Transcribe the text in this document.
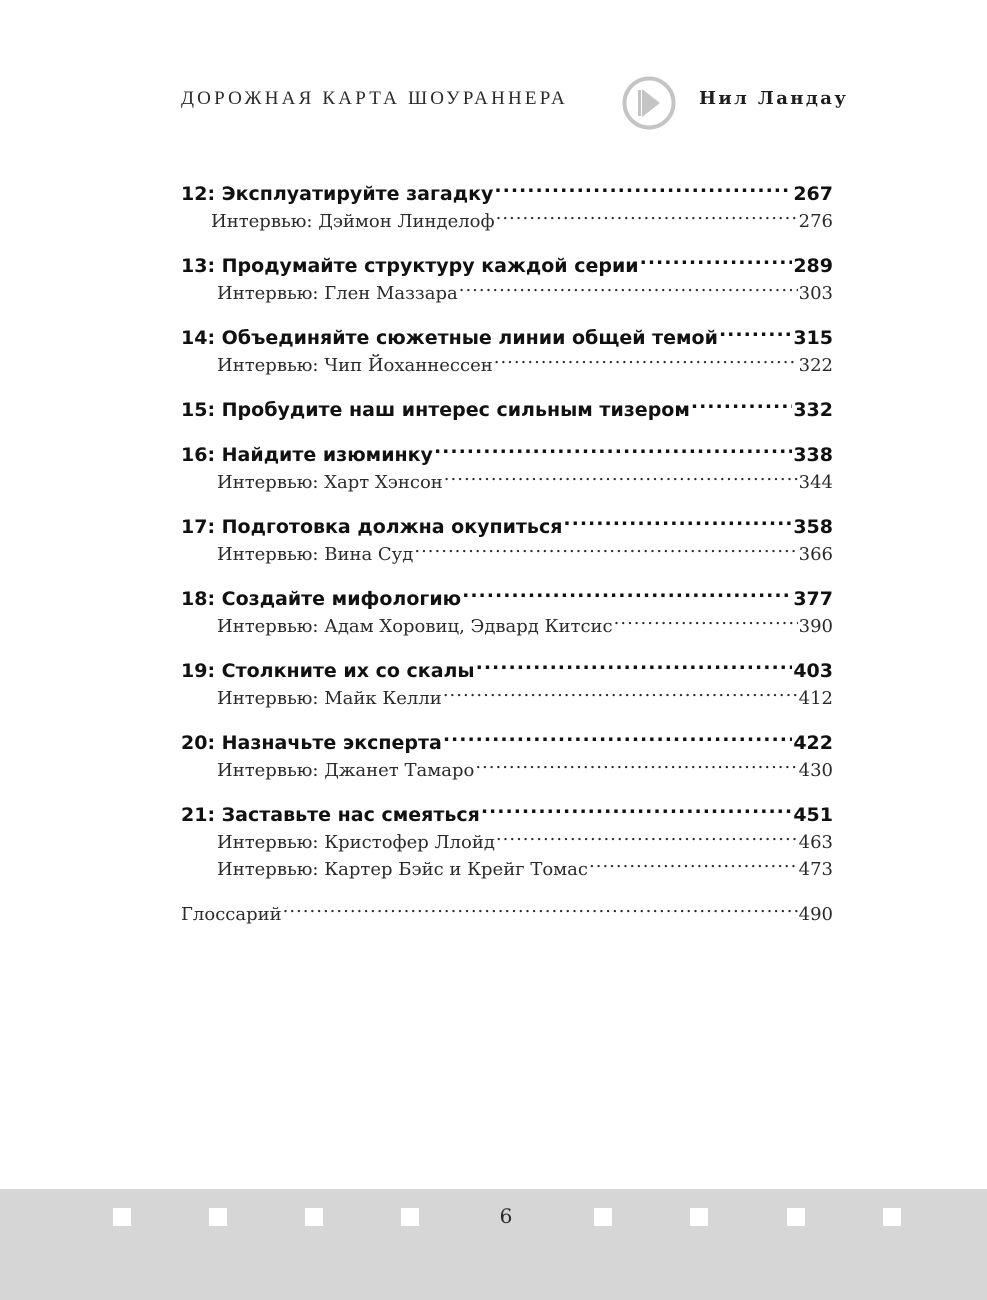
ДОРОЖНАЯ КАРТА ШОУРАННЕРА	Нил Ландау
12: Эксплуатируйте загадку .....	267
Интервью: Дэймон Линделоф .....	276
13: Продумайте структуру каждой серии .....	289
Интервью: Глен Маззара .....	303
14: Объединяйте сюжетные линии общей темой .....	315
Интервью: Чип Йоханнессен .....	322
15: Пробудите наш интерес сильным тизером .....	332
16: Найдите изюминку .....	338
Интервью: Харт Хэнсон .....	344
17: Подготовка должна окупиться .....	358
Интервью: Вина Суд .....	366
18: Создайте мифологию .....	377
Интервью: Адам Хоровиц, Эдвард Китсис .....	390
19: Столкните их со скалы .....	403
Интервью: Майк Келли .....	412
20: Назначьте эксперта .....	422
Интервью: Джанет Тамаро .....	430
21: Заставьте нас смеяться .....	451
Интервью: Кристофер Ллойд .....	463
Интервью: Картер Бэйс и Крейг Томас .....	473
Глоссарий .....	490
6
